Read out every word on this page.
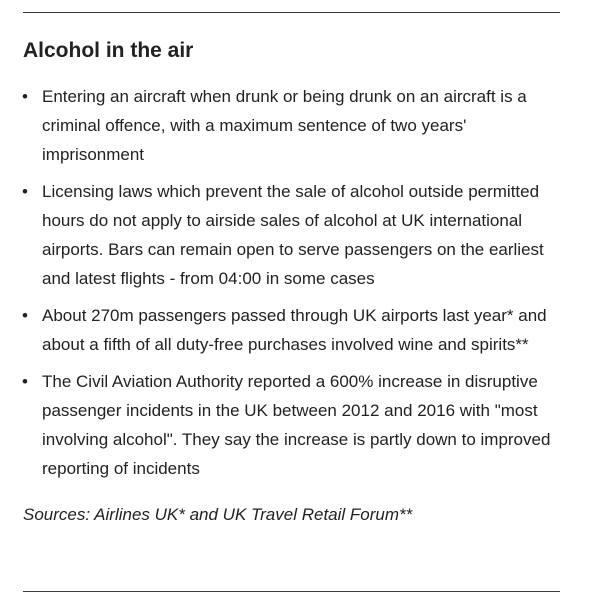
Alcohol in the air
• Entering an aircraft when drunk or being drunk on an aircraft is a criminal offence, with a maximum sentence of two years' imprisonment
• Licensing laws which prevent the sale of alcohol outside permitted hours do not apply to airside sales of alcohol at UK international airports. Bars can remain open to serve passengers on the earliest and latest flights - from 04:00 in some cases
• About 270m passengers passed through UK airports last year* and about a fifth of all duty-free purchases involved wine and spirits**
• The Civil Aviation Authority reported a 600% increase in disruptive passenger incidents in the UK between 2012 and 2016 with "most involving alcohol". They say the increase is partly down to improved reporting of incidents

Sources: Airlines UK* and UK Travel Retail Forum**
